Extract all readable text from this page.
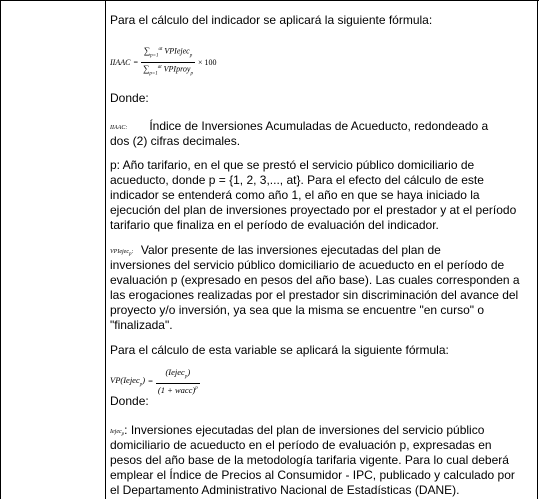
Para el cálculo del indicador se aplicará la siguiente fórmula:
IIAAC = $\frac{\sum_{p=1}^{at} VPIejec_p}{\sum_{p=1}^{at} VPIproy_p} \times 100$
Donde:
IIAAC: Índice de Inversiones Acumuladas de Acueducto, redondeado a
dos (2) cifras decimales.
p: Año tarifario, en el que se prestó el servicio público domiciliario de
acueducto, donde p = {1, 2, 3,..., at}. Para el efecto del cálculo de este
indicador se entenderá como año 1, el año en que se haya iniciado la
ejecución del plan de inversiones proyectado por el prestador y at el período
tarifario que finaliza en el período de evaluación del indicador.
VPIejec$_p$: Valor presente de las inversiones ejecutadas del plan de
inversiones del servicio público domiciliario de acueducto en el período de
evaluación p (expresado en pesos del año base). Las cuales corresponden a
las erogaciones realizadas por el prestador sin discriminación del avance del
proyecto y/o inversión, ya sea que la misma se encuentre "en curso" o
"finalizada".
Para el cálculo de esta variable se aplicará la siguiente fórmula:
VP(Iejec$_p$) = $\frac{(Iejec_p)}{(1 + wacc)^p}$
Donde:
Iejec$_p$: Inversiones ejecutadas del plan de inversiones del servicio público
domiciliario de acueducto en el período de evaluación p, expresadas en
pesos del año base de la metodología tarifaria vigente. Para lo cual deberá
emplear el Índice de Precios al Consumidor - IPC, publicado y calculado por
el Departamento Administrativo Nacional de Estadísticas (DANE).
